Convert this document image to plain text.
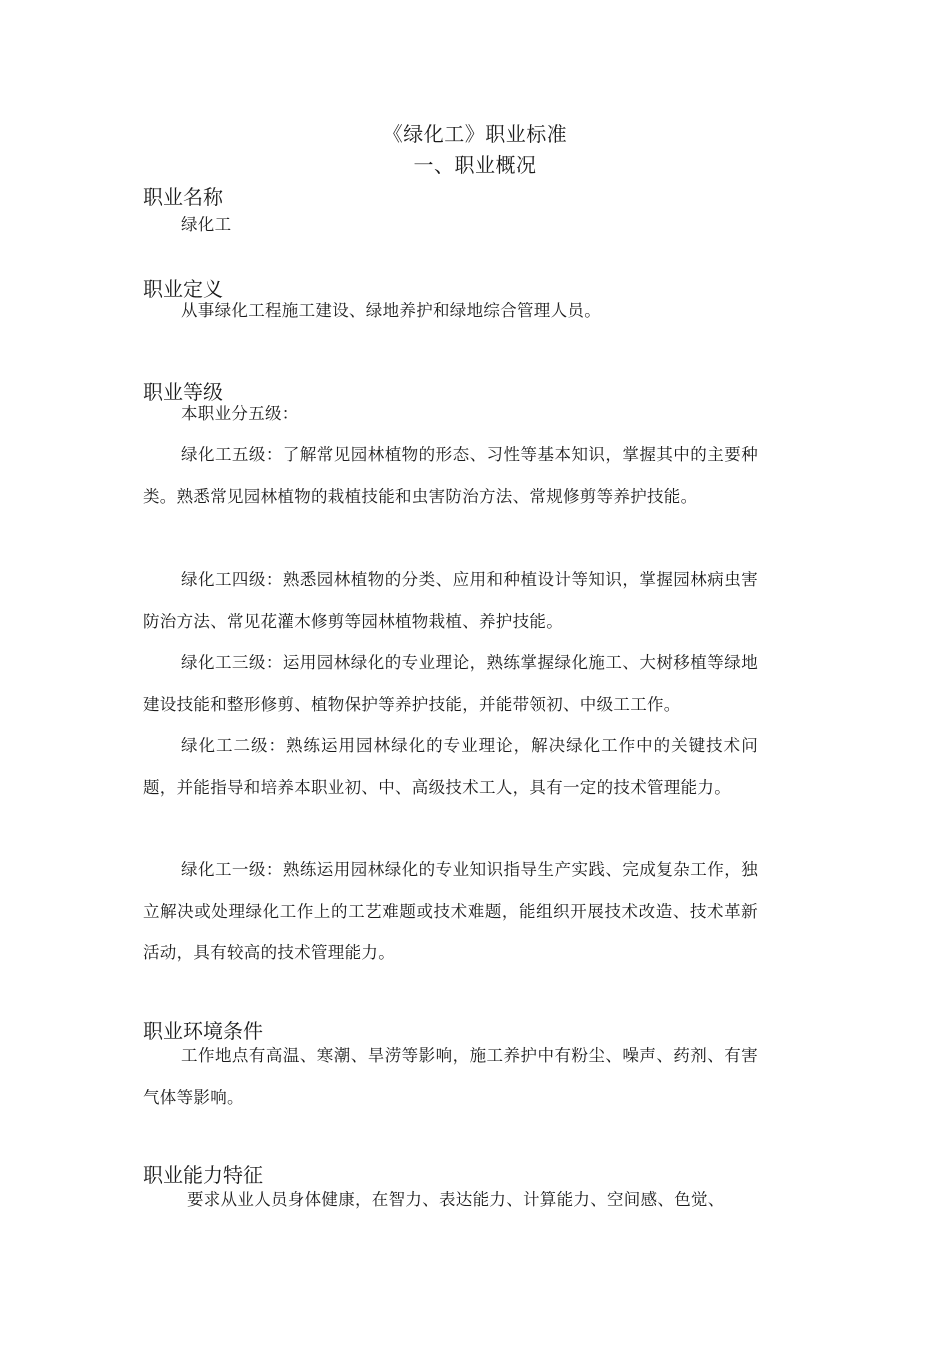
《绿化工》职业标准
一、职业概况
职业名称
绿化工
职业定义
从事绿化工程施工建设、绿地养护和绿地综合管理人员。
职业等级
本职业分五级：
绿化工五级：了解常见园林植物的形态、习性等基本知识，掌握其中的主要种类。熟悉常见园林植物的栽植技能和虫害防治方法、常规修剪等养护技能。
绿化工四级：熟悉园林植物的分类、应用和种植设计等知识，掌握园林病虫害防治方法、常见花灌木修剪等园林植物栽植、养护技能。
绿化工三级：运用园林绿化的专业理论，熟练掌握绿化施工、大树移植等绿地建设技能和整形修剪、植物保护等养护技能，并能带领初、中级工工作。
绿化工二级：熟练运用园林绿化的专业理论，解决绿化工作中的关键技术问题，并能指导和培养本职业初、中、高级技术工人，具有一定的技术管理能力。
绿化工一级：熟练运用园林绿化的专业知识指导生产实践、完成复杂工作，独立解决或处理绿化工作上的工艺难题或技术难题，能组织开展技术改造、技术革新活动，具有较高的技术管理能力。
职业环境条件
工作地点有高温、寒潮、旱涝等影响，施工养护中有粉尘、噪声、药剂、有害气体等影响。
职业能力特征
要求从业人员身体健康，在智力、表达能力、计算能力、空间感、色觉、
